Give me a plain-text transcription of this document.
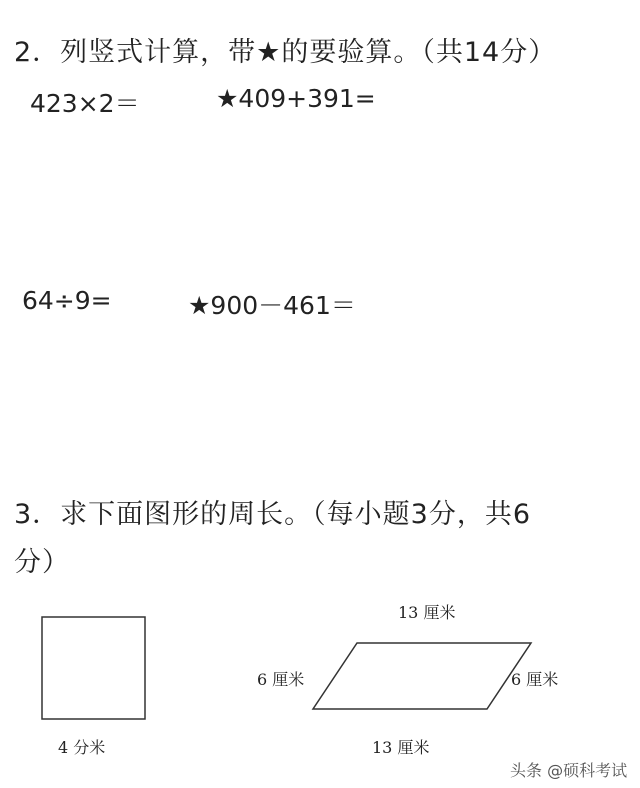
2．列竖式计算，带★的要验算。（共14分）
423×2＝	★409+391=
64÷9=	★900－461＝
3．求下面图形的周长。（每小题3分，共6
分）
4 分米
13 厘米
6 厘米	6 厘米
13 厘米
头条 @硕科考试
